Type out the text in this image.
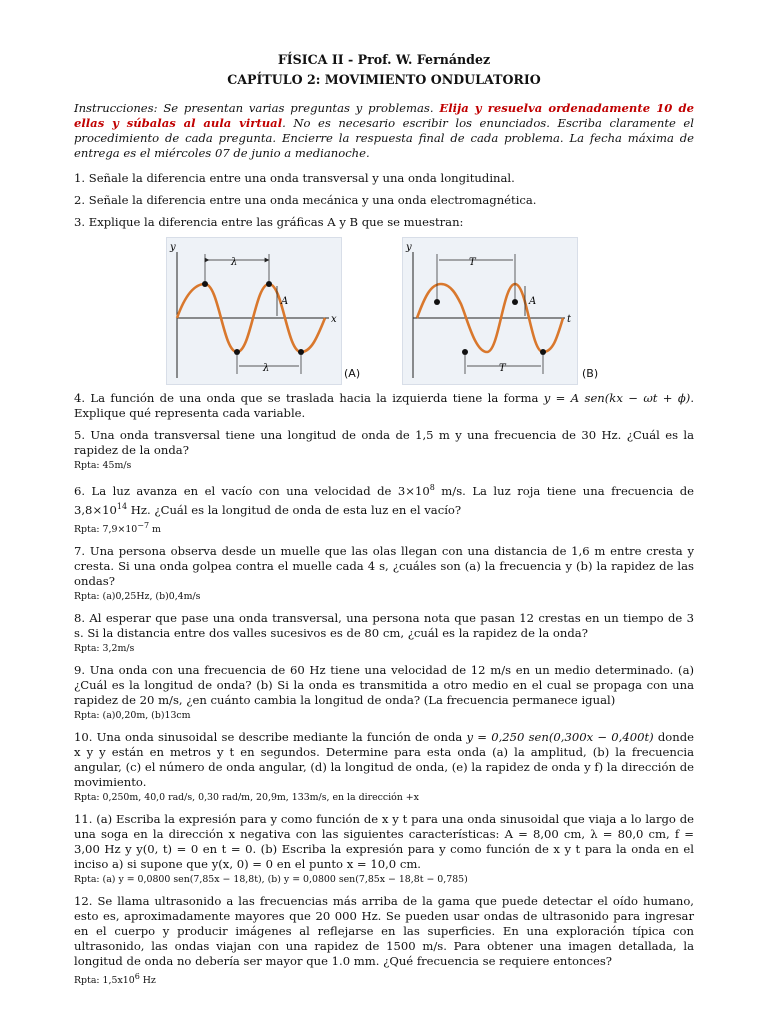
FÍSICA II - Prof. W. Fernández

CAPÍTULO 2: MOVIMIENTO ONDULATORIO

Instrucciones: Se presentan varias preguntas y problemas. Elija y resuelva ordenadamente 10 de ellas y súbalas al aula virtual. No es necesario escribir los enunciados. Escriba claramente el procedimiento de cada pregunta. Encierre la respuesta final de cada problema. La fecha máxima de entrega es el miércoles 07 de junio a medianoche.

1. Señale la diferencia entre una onda transversal y una onda longitudinal.

2. Señale la diferencia entre una onda mecánica y una onda electromagnética.

3. Explique la diferencia entre las gráficas A y B que se muestran:

y
x
λ
λ
A
(A)
y
t
T
T
A
(B)

4. La función de una onda que se traslada hacia la izquierda tiene la forma y = A sen(kx − ωt + ϕ). Explique qué representa cada variable.

5. Una onda transversal tiene una longitud de onda de 1,5 m y una frecuencia de 30 Hz. ¿Cuál es la rapidez de la onda?

Rpta: 45m/s

6. La luz avanza en el vacío con una velocidad de $3\times 10^8$ m/s. La luz roja tiene una frecuencia de $3,8\times 10^{14}$ Hz. ¿Cuál es la longitud de onda de esta luz en el vacío?

Rpta: $7,9\times 10^{-7}$ m

7. Una persona observa desde un muelle que las olas llegan con una distancia de 1,6 m entre cresta y cresta. Si una onda golpea contra el muelle cada 4 s, ¿cuáles son (a) la frecuencia y (b) la rapidez de las ondas?

Rpta: (a)0,25Hz, (b)0,4m/s

8. Al esperar que pase una onda transversal, una persona nota que pasan 12 crestas en un tiempo de 3 s. Si la distancia entre dos valles sucesivos es de 80 cm, ¿cuál es la rapidez de la onda?

Rpta: 3,2m/s

9. Una onda con una frecuencia de 60 Hz tiene una velocidad de 12 m/s en un medio determinado. (a) ¿Cuál es la longitud de onda? (b) Si la onda es transmitida a otro medio en el cual se propaga con una rapidez de 20 m/s, ¿en cuánto cambia la longitud de onda? (La frecuencia permanece igual)

Rpta: (a)0,20m, (b)13cm

10. Una onda sinusoidal se describe mediante la función de onda y = 0,250 sen(0,300x − 0,400t) donde x y y están en metros y t en segundos. Determine para esta onda (a) la amplitud, (b) la frecuencia angular, (c) el número de onda angular, (d) la longitud de onda, (e) la rapidez de onda y f) la dirección de movimiento.

Rpta: 0,250m, 40,0 rad/s, 0,30 rad/m, 20,9m, 133m/s, en la dirección +x

11. (a) Escriba la expresión para y como función de x y t para una onda sinusoidal que viaja a lo largo de una soga en la dirección x negativa con las siguientes características: A = 8,00 cm, λ = 80,0 cm, f = 3,00 Hz y y(0, t) = 0 en t = 0. (b) Escriba la expresión para y como función de x y t para la onda en el inciso a) si supone que y(x, 0) = 0 en el punto x = 10,0 cm.

Rpta: (a) y = 0,0800 sen(7,85x − 18,8t), (b) y = 0,0800 sen(7,85x − 18,8t − 0,785)

12. Se llama ultrasonido a las frecuencias más arriba de la gama que puede detectar el oído humano, esto es, aproximadamente mayores que 20 000 Hz. Se pueden usar ondas de ultrasonido para ingresar en el cuerpo y producir imágenes al reflejarse en las superficies. En una exploración típica con ultrasonido, las ondas viajan con una rapidez de 1500 m/s. Para obtener una imagen detallada, la longitud de onda no debería ser mayor que 1.0 mm. ¿Qué frecuencia se requiere entonces?

Rpta: $1,5x10^6$ Hz
